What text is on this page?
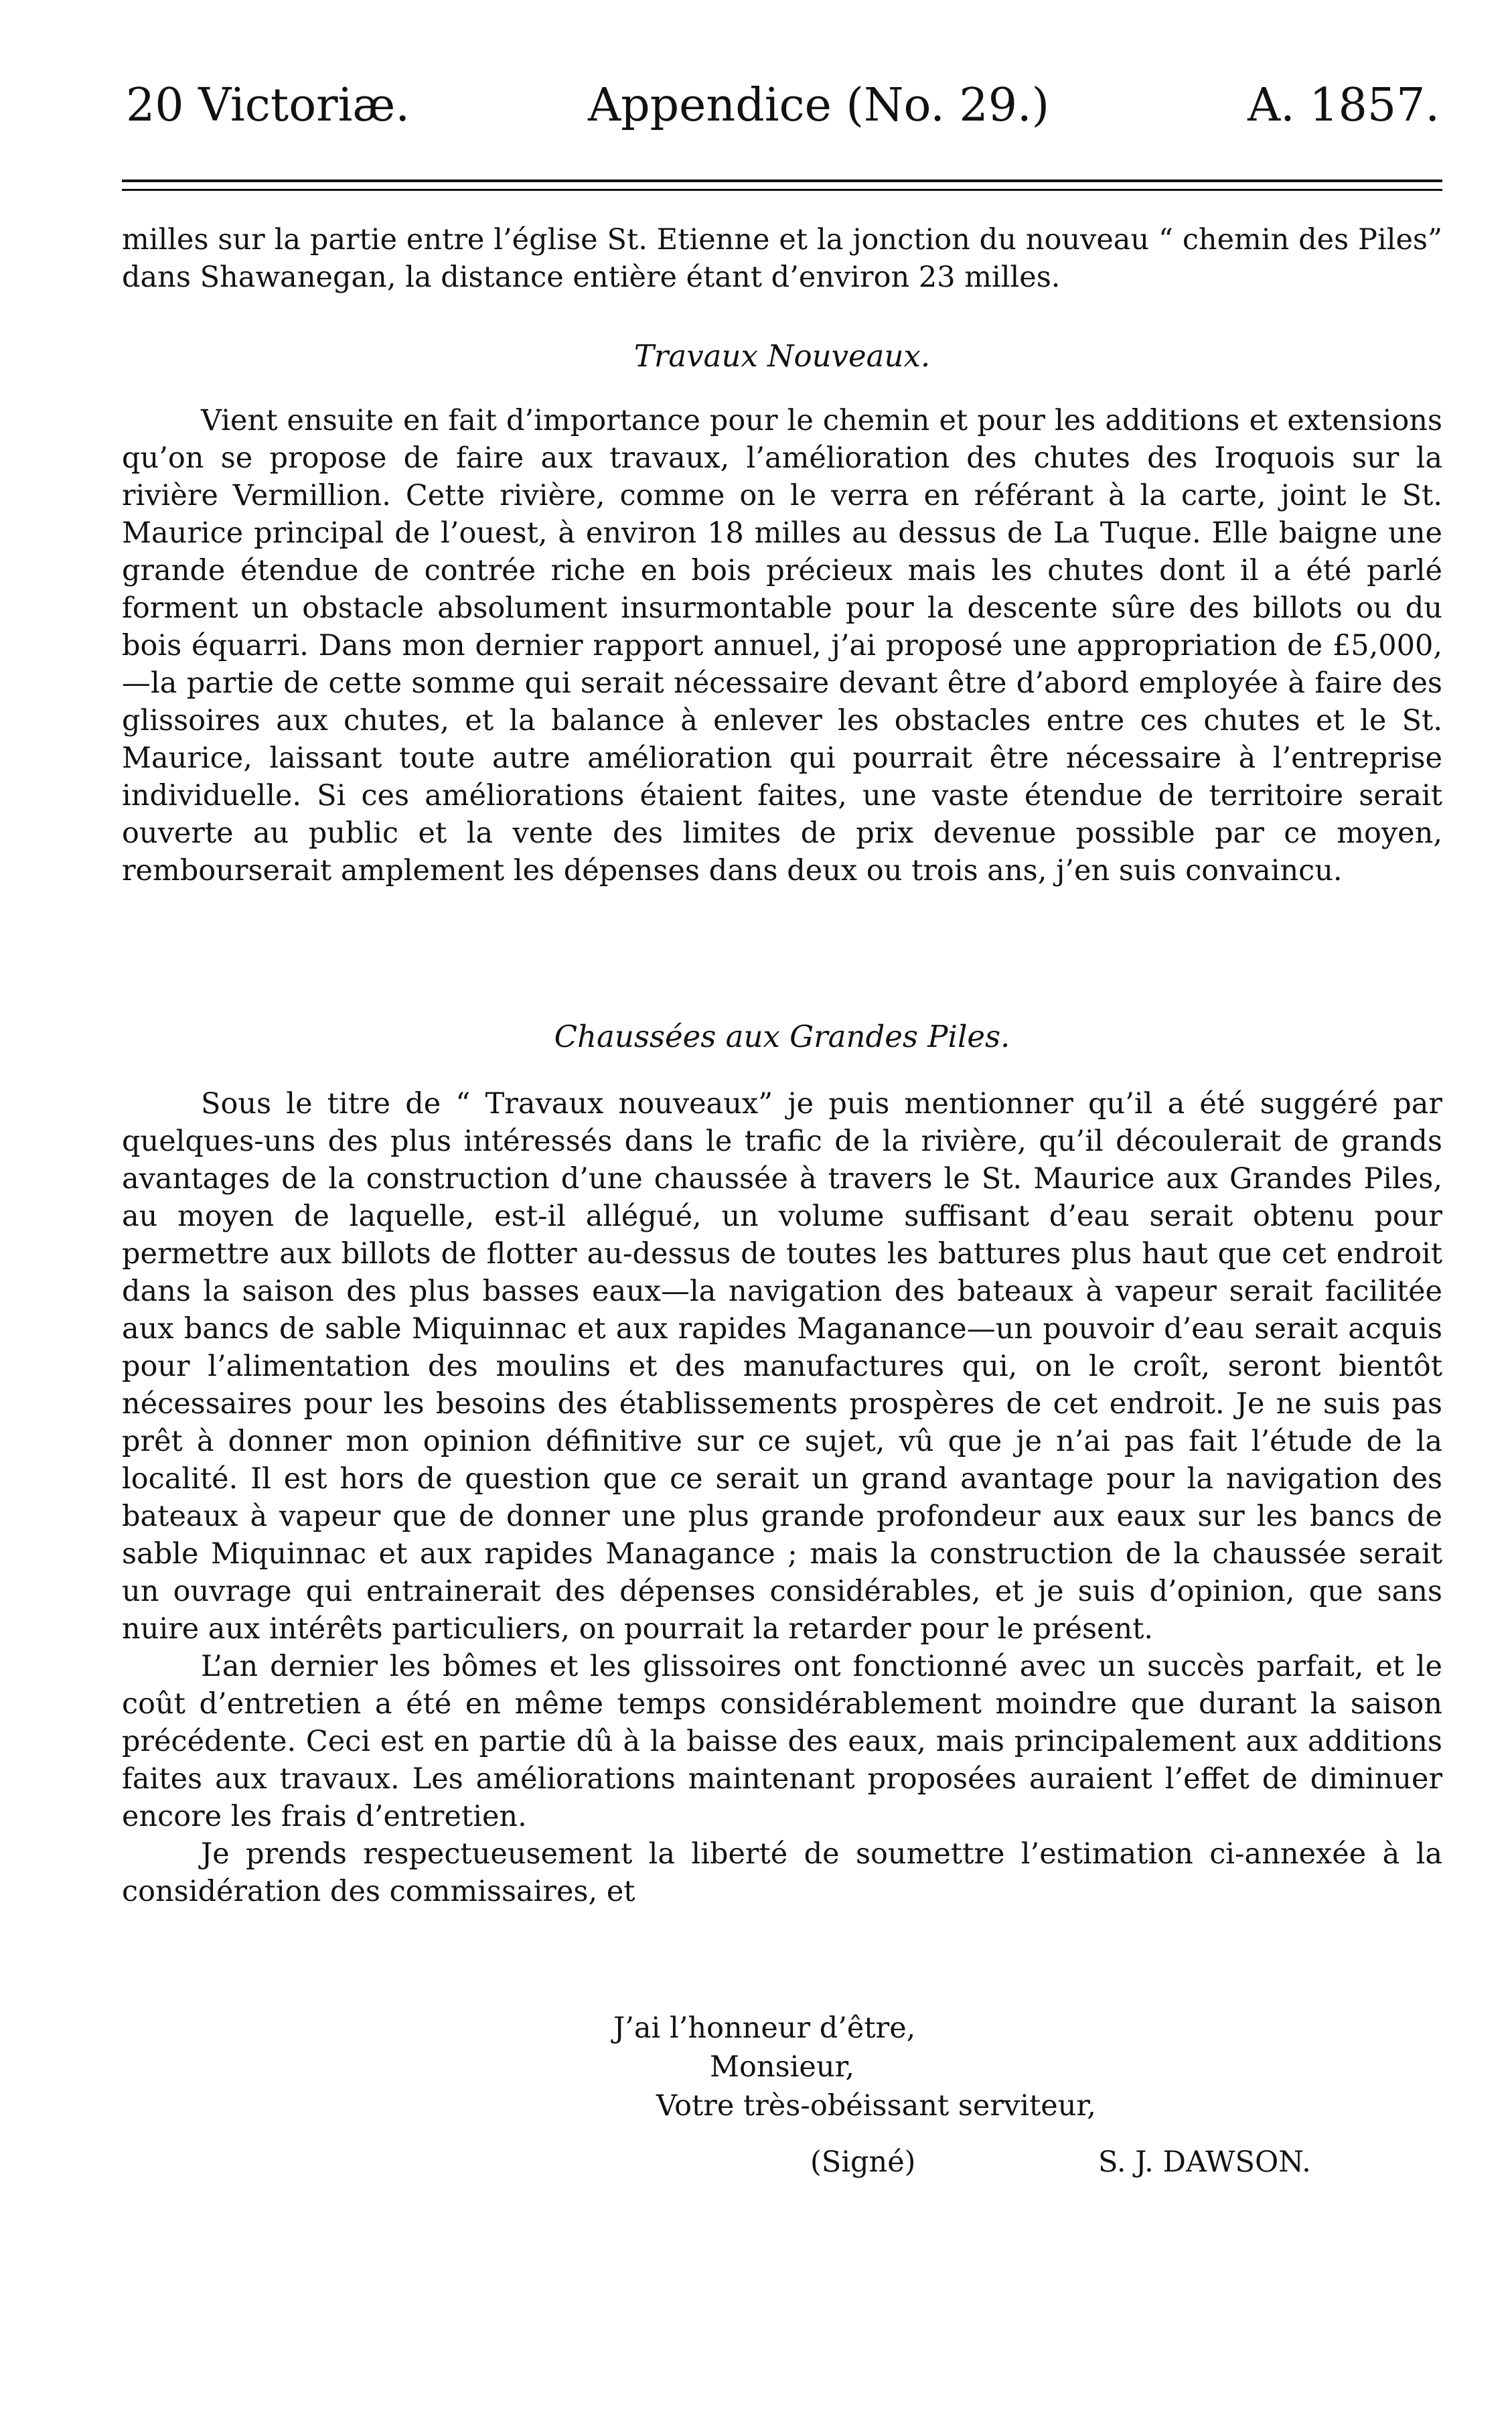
20 Victoriæ.	Appendice (No. 29.)	A. 1857.

milles sur la partie entre l’église St. Etienne et la jonction du nouveau “ chemin des Piles” dans Shawanegan, la distance entière étant d’environ 23 milles.

Travaux Nouveaux.

Vient ensuite en fait d’importance pour le chemin et pour les additions et extensions qu’on se propose de faire aux travaux, l’amélioration des chutes des Iroquois sur la rivière Vermillion. Cette rivière, comme on le verra en référant à la carte, joint le St. Maurice principal de l’ouest, à environ 18 milles au dessus de La Tuque. Elle baigne une grande étendue de contrée riche en bois précieux mais les chutes dont il a été parlé forment un obstacle absolument insurmontable pour la descente sûre des billots ou du bois équarri. Dans mon dernier rapport annuel, j’ai proposé une appropriation de £5,000,—la partie de cette somme qui serait nécessaire devant être d’abord employée à faire des glissoires aux chutes, et la balance à enlever les obstacles entre ces chutes et le St. Maurice, laissant toute autre amélioration qui pourrait être nécessaire à l’entreprise individuelle. Si ces améliorations étaient faites, une vaste étendue de territoire serait ouverte au public et la vente des limites de prix devenue possible par ce moyen, rembourserait amplement les dépenses dans deux ou trois ans, j’en suis convaincu.

Chaussées aux Grandes Piles.

Sous le titre de “ Travaux nouveaux” je puis mentionner qu’il a été suggéré par quelques-uns des plus intéressés dans le trafic de la rivière, qu’il découlerait de grands avantages de la construction d’une chaussée à travers le St. Maurice aux Grandes Piles, au moyen de laquelle, est-il allégué, un volume suffisant d’eau serait obtenu pour permettre aux billots de flotter au-dessus de toutes les battures plus haut que cet endroit dans la saison des plus basses eaux—la navigation des bateaux à vapeur serait facilitée aux bancs de sable Miquinnac et aux rapides Maganance—un pouvoir d’eau serait acquis pour l’alimentation des moulins et des manufactures qui, on le croît, seront bientôt nécessaires pour les besoins des établissements prospères de cet endroit. Je ne suis pas prêt à donner mon opinion définitive sur ce sujet, vû que je n’ai pas fait l’étude de la localité. Il est hors de question que ce serait un grand avantage pour la navigation des bateaux à vapeur que de donner une plus grande profondeur aux eaux sur les bancs de sable Miquinnac et aux rapides Managance ; mais la construction de la chaussée serait un ouvrage qui entrainerait des dépenses considérables, et je suis d’opinion, que sans nuire aux intérêts particuliers, on pourrait la retarder pour le présent.

L’an dernier les bômes et les glissoires ont fonctionné avec un succès parfait, et le coût d’entretien a été en même temps considérablement moindre que durant la saison précédente. Ceci est en partie dû à la baisse des eaux, mais principalement aux additions faites aux travaux. Les améliorations maintenant proposées auraient l’effet de diminuer encore les frais d’entretien.

Je prends respectueusement la liberté de soumettre l’estimation ci-annexée à la considération des commissaires, et

J’ai l’honneur d’être,
Monsieur,
Votre très-obéissant serviteur,
(Signé)	S. J. DAWSON.
